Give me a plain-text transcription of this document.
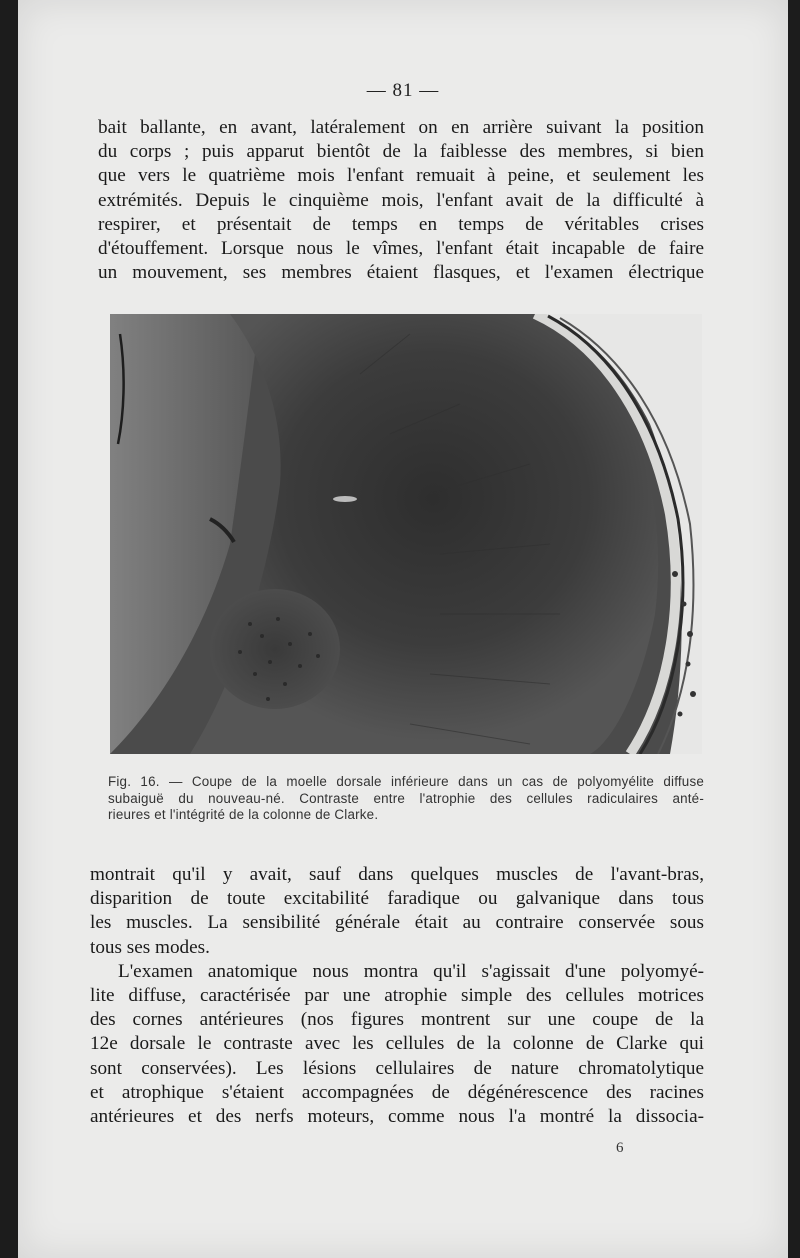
— 81 —
bait ballante, en avant, latéralement on en arrière suivant la position
du corps ; puis apparut bientôt de la faiblesse des membres, si bien
que vers le quatrième mois l'enfant remuait à peine, et seulement les
extrémités. Depuis le cinquième mois, l'enfant avait de la difficulté à
respirer, et présentait de temps en temps de véritables crises
d'étouffement. Lorsque nous le vîmes, l'enfant était incapable de faire
un mouvement, ses membres étaient flasques, et l'examen électrique
Fig. 16. — Coupe de la moelle dorsale inférieure dans un cas de polyomyélite diffuse
subaiguë du nouveau-né. Contraste entre l'atrophie des cellules radiculaires anté-
rieures et l'intégrité de la colonne de Clarke.
montrait qu'il y avait, sauf dans quelques muscles de l'avant-bras,
disparition de toute excitabilité faradique ou galvanique dans tous
les muscles. La sensibilité générale était au contraire conservée sous
tous ses modes.
L'examen anatomique nous montra qu'il s'agissait d'une polyomyé-
lite diffuse, caractérisée par une atrophie simple des cellules motrices
des cornes antérieures (nos figures montrent sur une coupe de la
12e dorsale le contraste avec les cellules de la colonne de Clarke qui
sont conservées). Les lésions cellulaires de nature chromatolytique
et atrophique s'étaient accompagnées de dégénérescence des racines
antérieures et des nerfs moteurs, comme nous l'a montré la dissocia-
6
